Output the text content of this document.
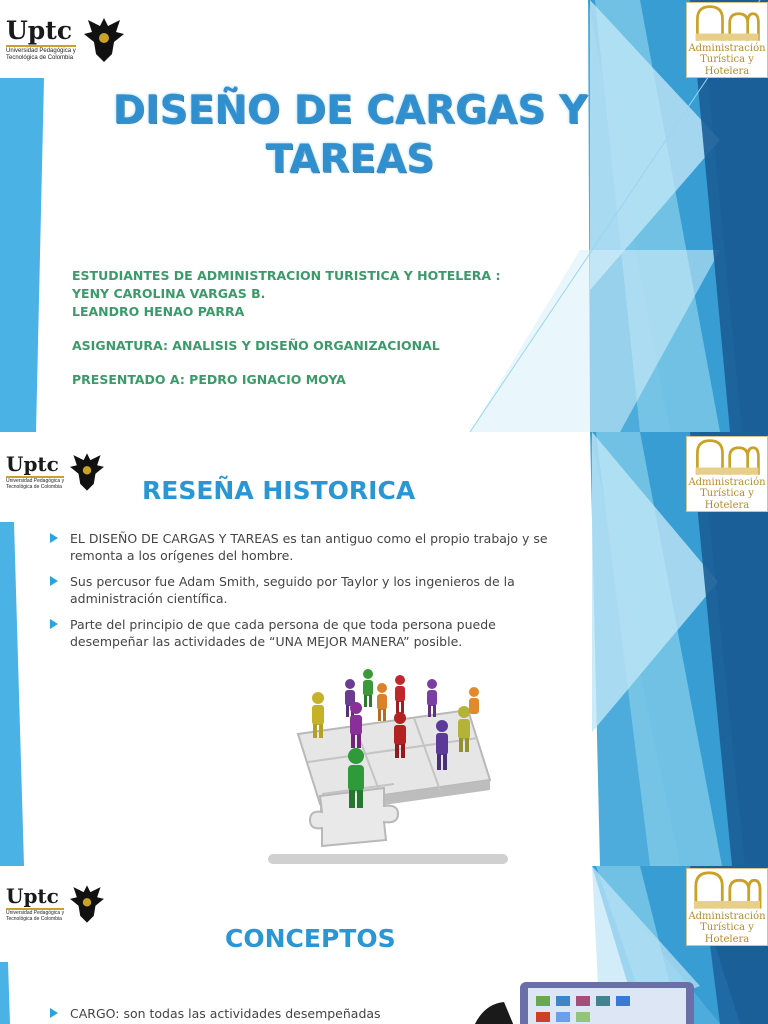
Uptc
Universidad Pedagógica y
Tecnológica de Colombia
Administración
Turística y Hotelera
DISEÑO DE CARGAS Y
TAREAS

ESTUDIANTES DE ADMINISTRACION TURISTICA Y HOTELERA :
YENY CAROLINA VARGAS B.
LEANDRO HENAO PARRA

ASIGNATURA: ANALISIS Y DISEÑO ORGANIZACIONAL

PRESENTADO A: PEDRO IGNACIO MOYA

Uptc
Universidad Pedagógica y
Tecnológica de Colombia	Administración
Turística y Hotelera
RESEÑA HISTORICA
EL DISEÑO DE CARGAS Y TAREAS es tan antiguo como el propio trabajo y se remonta a los orígenes del hombre.
Sus percusor fue Adam Smith, seguido por Taylor y los ingenieros de la administración científica.
Parte del principio de que cada persona de que toda persona puede desempeñar las actividades de “UNA MEJOR MANERA” posible.
Uptc
Universidad Pedagógica y
Tecnológica de Colombia	Administración
Turística y Hotelera
CONCEPTOS
CARGO: son todas las actividades desempeñadas
